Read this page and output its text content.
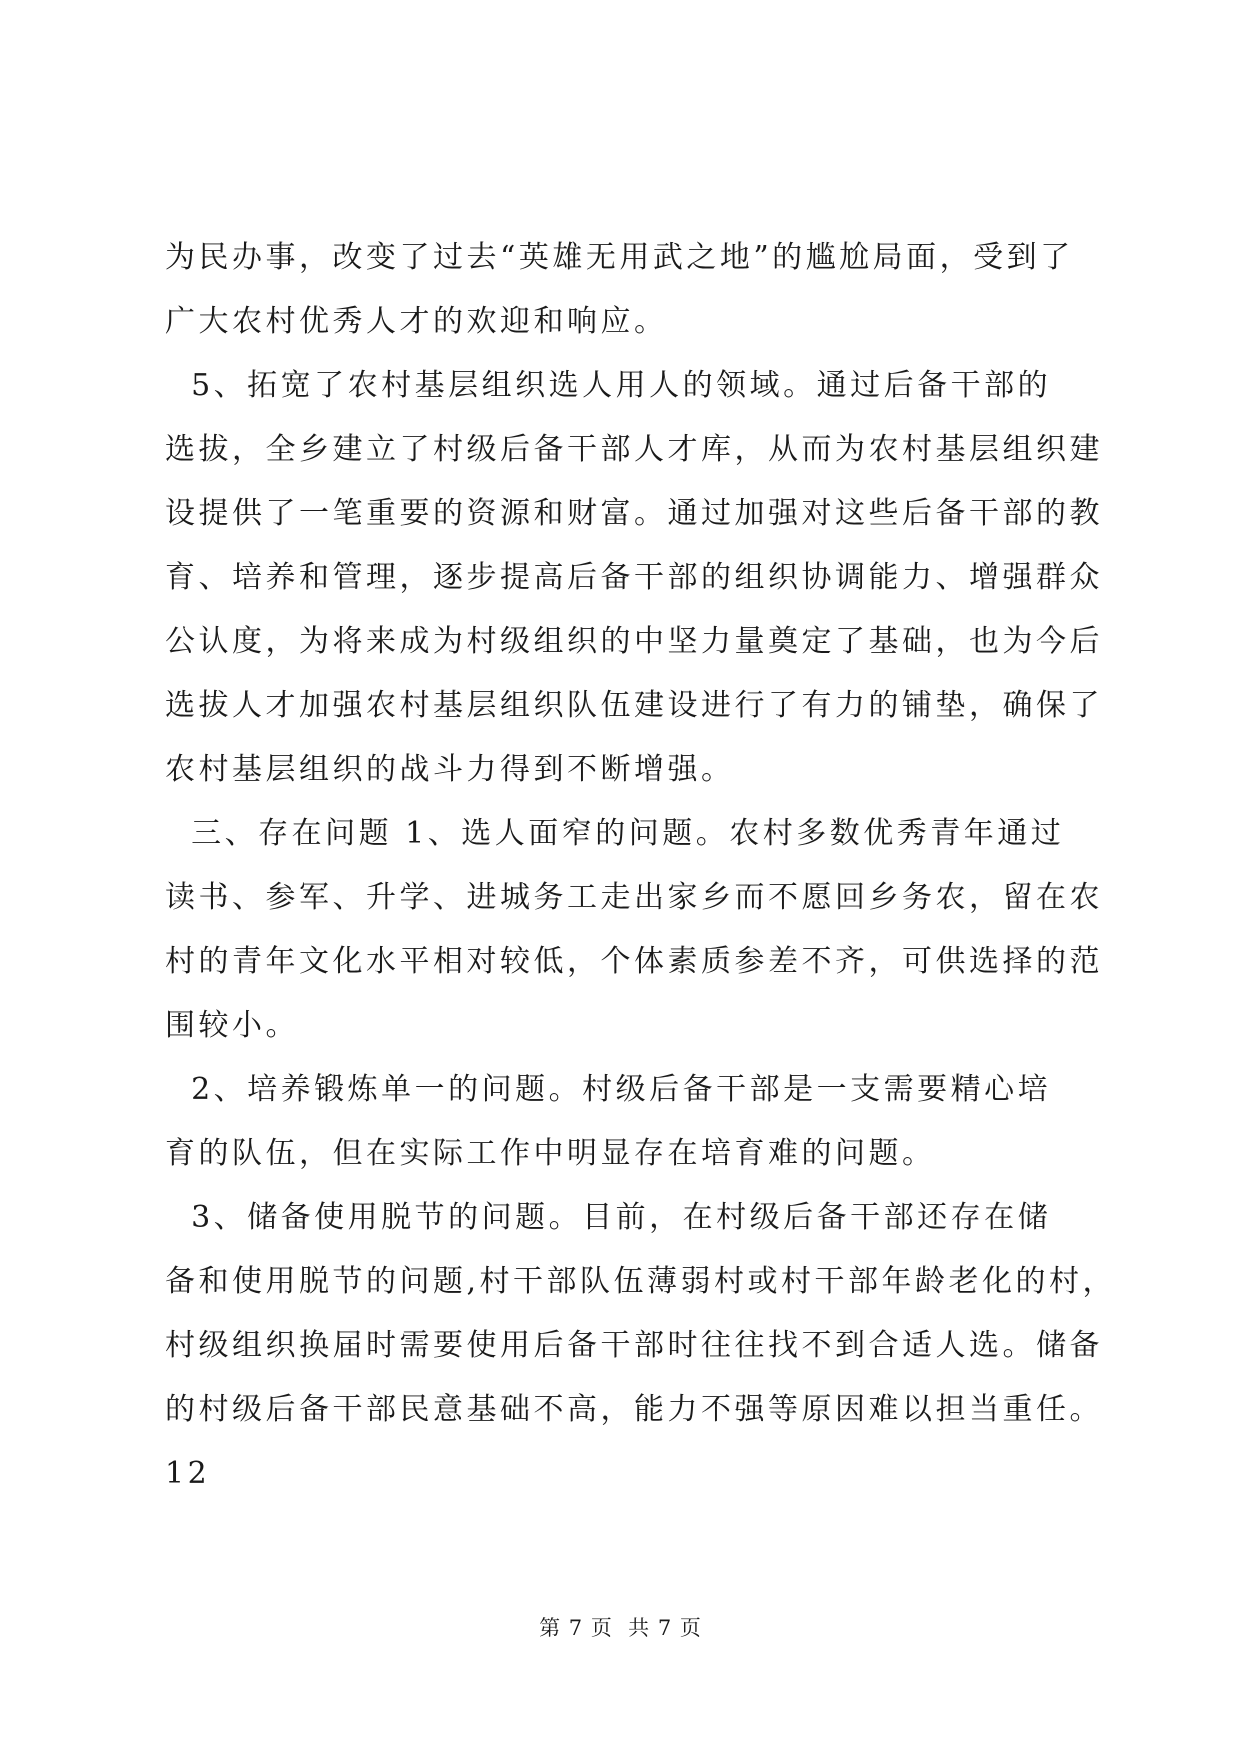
为民办事，改变了过去“英雄无用武之地”的尴尬局面，受到了
广大农村优秀人才的欢迎和响应。
5、拓宽了农村基层组织选人用人的领域。通过后备干部的
选拔，全乡建立了村级后备干部人才库，从而为农村基层组织建
设提供了一笔重要的资源和财富。通过加强对这些后备干部的教
育、培养和管理，逐步提高后备干部的组织协调能力、增强群众
公认度，为将来成为村级组织的中坚力量奠定了基础，也为今后
选拔人才加强农村基层组织队伍建设进行了有力的铺垫，确保了
农村基层组织的战斗力得到不断增强。
三、存在问题 1、选人面窄的问题。农村多数优秀青年通过
读书、参军、升学、进城务工走出家乡而不愿回乡务农，留在农
村的青年文化水平相对较低，个体素质参差不齐，可供选择的范
围较小。
2、培养锻炼单一的问题。村级后备干部是一支需要精心培
育的队伍，但在实际工作中明显存在培育难的问题。
3、储备使用脱节的问题。目前，在村级后备干部还存在储
备和使用脱节的问题,村干部队伍薄弱村或村干部年龄老化的村，
村级组织换届时需要使用后备干部时往往找不到合适人选。储备
的村级后备干部民意基础不高，能力不强等原因难以担当重任。
12
第 7 页  共 7 页
